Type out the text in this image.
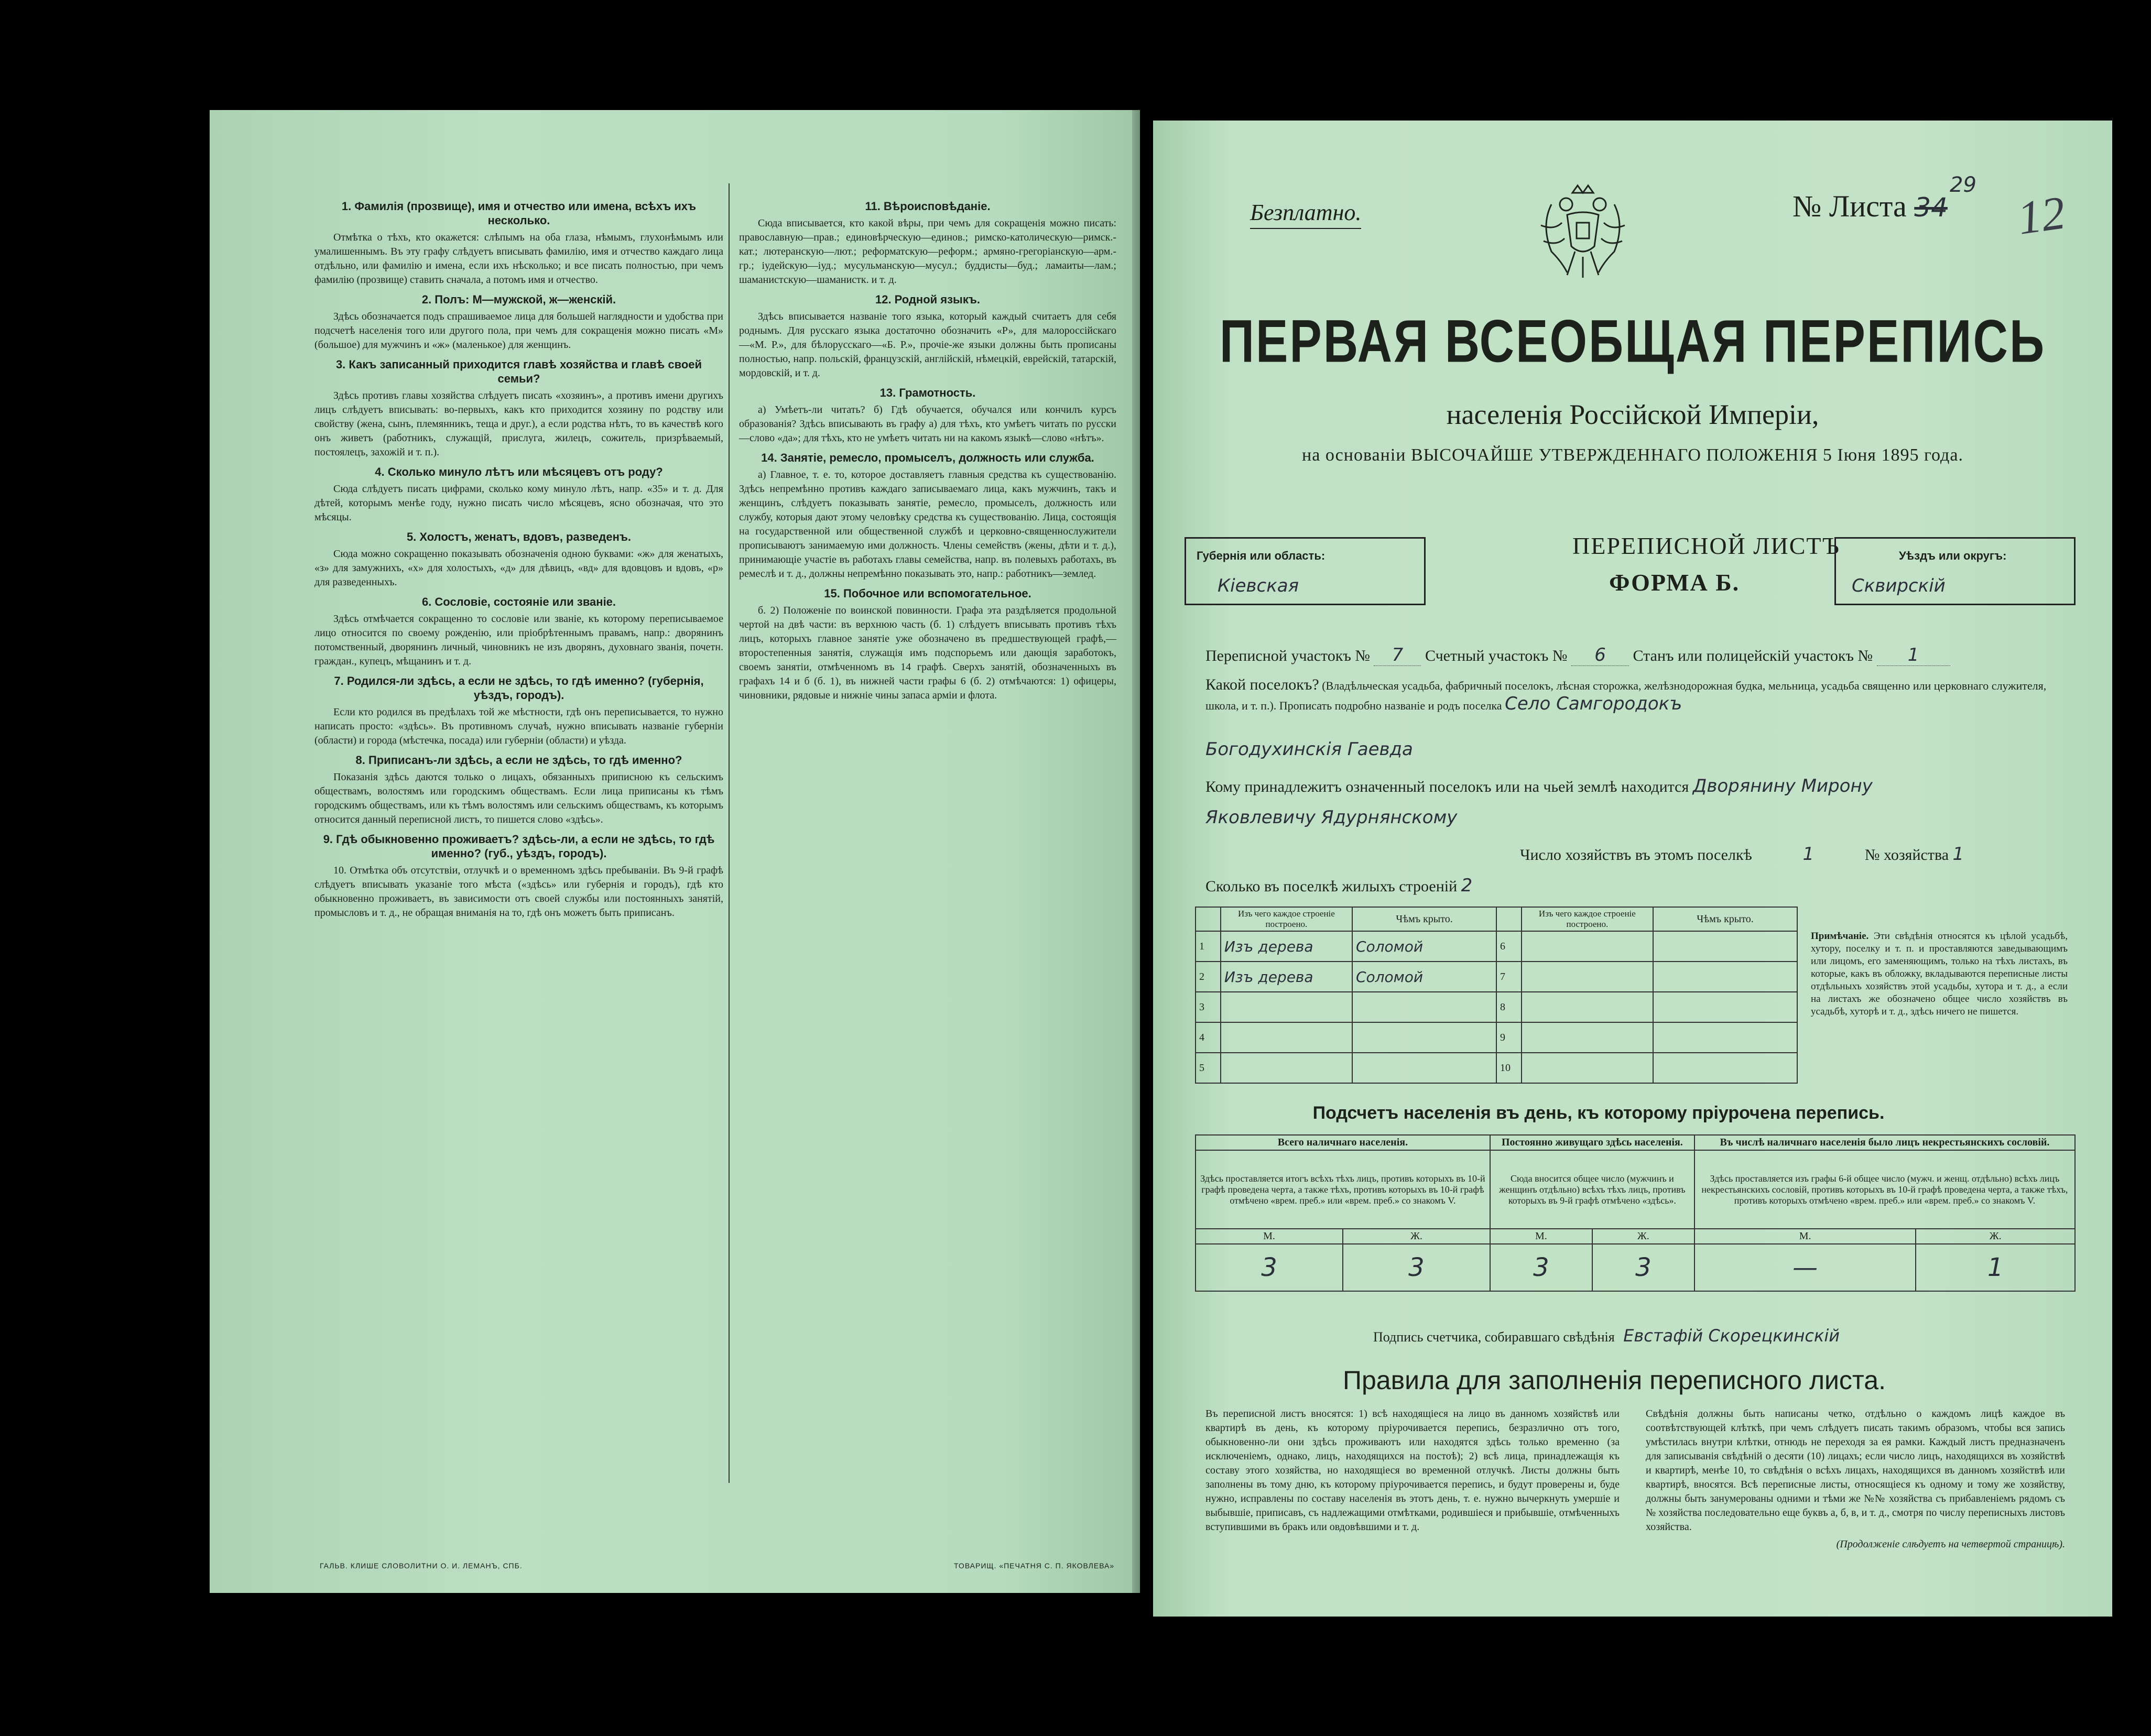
1. Фамилія (прозвище), имя и отчество или имена, всѣхъ ихъ несколько.
Отмѣтка о тѣхъ, кто окажется: слѣпымъ на оба глаза, нѣмымъ, глухонѣмымъ или умалишеннымъ. Въ эту графу слѣдуетъ вписывать фамилію, имя и отчество каждаго лица отдѣльно, или фамилію и имена, если ихъ нѣсколько; и все писать полностью, при чемъ фамилію (прозвище) ставить сначала, а потомъ имя и отчество.
2. Полъ: М—мужской, ж—женскій.
Здѣсь обозначается подъ спрашиваемое лица для большей наглядности и удобства при подсчетѣ населенія того или другого пола, при чемъ для сокращенія можно писать «М» (большое) для мужчинъ и «ж» (маленькое) для женщинъ.
3. Какъ записанный приходится главѣ хозяйства и главѣ своей семьи?
Здѣсь противъ главы хозяйства слѣдуетъ писать «хозяинъ», а противъ имени другихъ лицъ слѣдуетъ вписывать: во-первыхъ, какъ кто приходится хозяину по родству или свойству (жена, сынъ, племянникъ, теща и друг.), а если родства нѣтъ, то въ качествѣ кого онъ живетъ (работникъ, служащій, прислуга, жилецъ, сожитель, призрѣваемый, постоялецъ, захожій и т. п.).
4. Сколько минуло лѣтъ или мѣсяцевъ отъ роду?
Сюда слѣдуетъ писать цифрами, сколько кому минуло лѣтъ, напр. «35» и т. д. Для дѣтей, которымъ менѣе году, нужно писать число мѣсяцевъ, ясно обозначая, что это мѣсяцы.
5. Холостъ, женатъ, вдовъ, разведенъ.
Сюда можно сокращенно показывать обозначенія одною буквами: «ж» для женатыхъ, «з» для замужнихъ, «х» для холостыхъ, «д» для дѣвицъ, «вд» для вдовцовъ и вдовъ, «р» для разведенныхъ.
6. Сословіе, состояніе или званіе.
Здѣсь отмѣчается сокращенно то сословіе или званіе, къ которому переписываемое лицо относится по своему рожденію, или пріобрѣтеннымъ правамъ, напр.: дворянинъ потомственный, дворянинъ личный, чиновникъ не изъ дворянъ, духовнаго званія, почетн. граждан., купецъ, мѣщанинъ и т. д.
7. Родился-ли здѣсь, а если не здѣсь, то гдѣ именно? (губернія, уѣздъ, городъ).
Если кто родился въ предѣлахъ той же мѣстности, гдѣ онъ переписывается, то нужно написать просто: «здѣсь». Въ противномъ случаѣ, нужно вписывать названіе губерніи (области) и города (мѣстечка, посада) или губерніи (области) и уѣзда.
8. Приписанъ-ли здѣсь, а если не здѣсь, то гдѣ именно?
Показанія здѣсь даются только о лицахъ, обязанныхъ приписною къ сельскимъ обществамъ, волостямъ или городскимъ обществамъ. Если лица приписаны къ тѣмъ городскимъ обществамъ, или къ тѣмъ волостямъ или сельскимъ обществамъ, къ которымъ относится данный переписной листъ, то пишется слово «здѣсь».
9. Гдѣ обыкновенно проживаетъ? здѣсь-ли, а если не здѣсь, то гдѣ именно? (губ., уѣздъ, городъ).
10. Отмѣтка объ отсутствіи, отлучкѣ и о временномъ здѣсь пребываніи. Въ 9-й графѣ слѣдуетъ вписывать указаніе того мѣста («здѣсь» или губернія и городъ), гдѣ кто обыкновенно проживаетъ, въ зависимости отъ своей службы или постоянныхъ занятій, промысловъ и т. д., не обращая вниманія на то, гдѣ онъ можетъ быть приписанъ.
11. Вѣроисповѣданіе.
Сюда вписывается, кто какой вѣры, при чемъ для сокращенія можно писать: православную—прав.; единовѣрческую—единов.; римско-католическую—римск.-кат.; лютеранскую—лют.; реформатскую—реформ.; армяно-грегоріанскую—арм.-гр.; іудейскую—iуд.; мусульманскую—мусул.; буддисты—буд.; ламаиты—лам.; шаманистскую—шаманистк. и т. д.
12. Родной языкъ.
Здѣсь вписывается названіе того языка, который каждый считаетъ для себя роднымъ. Для русскаго языка достаточно обозначить «Р», для малороссійскаго—«М. Р.», для бѣлорусскаго—«Б. Р.», прочіе-же языки должны быть прописаны полностью, напр. польскій, французскій, англійскій, нѣмецкій, еврейскій, татарскій, мордовскій, и т. д.
13. Грамотность.
а) Умѣетъ-ли читать? б) Гдѣ обучается, обучался или кончилъ курсъ образованія? Здѣсь вписывають въ графу а) для тѣхъ, кто умѣетъ читать по русски—слово «да»; для тѣхъ, кто не умѣетъ читать ни на какомъ языкѣ—слово «нѣтъ».
14. Занятіе, ремесло, промыселъ, должность или служба.
а) Главное, т. е. то, которое доставляетъ главныя средства къ существованію. Здѣсь непремѣнно противъ каждаго записываемаго лица, какъ мужчинъ, такъ и женщинъ, слѣдуетъ показывать занятіе, ремесло, промыселъ, должность или службу, которыя дают этому человѣку средства къ существованію. Лица, состоящія на государственной или общественной службѣ и церковно-священнослужители прописываютъ занимаемую ими должность. Члены семействъ (жены, дѣти и т. д.), принимающіе участіе въ работахъ главы семейства, напр. въ полевыхъ работахъ, въ ремеслѣ и т. д., должны непремѣнно показывать это, напр.: работникъ—землед.
15. Побочное или вспомогательное.
б. 2) Положеніе по воинской повинности. Графа эта раздѣляется продольной чертой на двѣ части: въ верхнюю часть (б. 1) слѣдуетъ вписывать противъ тѣхъ лицъ, которыхъ главное занятіе уже обозначено въ предшествующей графѣ,—второстепенныя занятія, служащія имъ подспорьемъ или дающія заработокъ, своемъ занятіи, отмѣченномъ въ 14 графѣ. Сверхъ занятій, обозначенныхъ въ графахъ 14 и б (б. 1), въ нижней части графы 6 (б. 2) отмѣчаются: 1) офицеры, чиновники, рядовые и нижніе чины запаса арміи и флота.
ГАЛЬВ. КЛИШЕ СЛОВОЛИТНИ О. И. ЛЕМАНЪ, СПБ.	ТОВАРИЩ. «ПЕЧАТНЯ С. П. ЯКОВЛЕВА»
Безплатно.	№ Листа 34
29
12
ПЕРВАЯ ВСЕОБЩАЯ ПЕРЕПИСЬ
населенія Россійской Имперіи,
на основаніи ВЫСОЧАЙШЕ УТВЕРЖДЕННАГО ПОЛОЖЕНІЯ 5 Іюня 1895 года.
Губернія или область:
Кіевская
ПЕРЕПИСНОЙ ЛИСТЪ
ФОРМА Б.
Уѣздъ или округъ:
Сквирскій
Переписной участокъ № 7 Счетный участокъ № 6 Станъ или полицейскій участокъ № 1
Какой поселокъ? (Владѣльческая усадьба, фабричный поселокъ, лѣсная сторожка, желѣзнодорожная будка, мельница, усадьба священно или церковнаго служителя, школа, и т. п.). Прописать подробно названіе и родъ поселка Село Самгородокъ
Богодухинскія Гаевда
Кому принадлежитъ означенный поселокъ или на чьей землѣ находится Дворянину Мирону
Яковлевичу Ядурнянскому
Число хозяйствъ въ этомъ поселкѣ	1	№ хозяйства 1
Сколько въ поселкѣ жилыхъ строеній 2
	Изъ чего каждое строеніе построено.	Чѣмъ крыто.		Изъ чего каждое строеніе построено.	Чѣмъ крыто.
1	Изъ дерева	Соломой	6		
2	Изъ дерева	Соломой	7		
3			8		
4			9		
5			10		
Примѣчаніе. Эти свѣдѣнія относятся къ цѣлой усадьбѣ, хутору, поселку и т. п. и проставляются заведывающимъ или лицомъ, его заменяющимъ, только на тѣхъ листахъ, въ которые, какъ въ обложку, вкладываются переписные листы отдѣльныхъ хозяйствъ этой усадьбы, хутора и т. д., а если на листахъ же обозначено общее число хозяйствъ въ усадьбѣ, хуторѣ и т. д., здѣсь ничего не пишется.
Подсчетъ населенія въ день, къ которому пріурочена перепись.
Всего наличнаго населенія.		Постоянно живущаго здѣсь населенія.		Въ числѣ наличнаго населенія было лицъ некрестьянскихъ сословій.	
Здѣсь проставляется итогъ всѣхъ тѣхъ лицъ, противъ которыхъ въ 10-й графѣ проведена черта, а также тѣхъ, противъ которыхъ въ 10-й графѣ отмѣчено «врем. преб.» или «врем. преб.» со знакомъ V.		Сюда вносится общее число (мужчинъ и женщинъ отдѣльно) всѣхъ тѣхъ лицъ, противъ которыхъ въ 9-й графѣ отмѣчено «здѣсь».		Здѣсь проставляется изъ графы 6-й общее число (мужч. и женщ. отдѣльно) всѣхъ лицъ некрестьянскихъ сословій, противъ которыхъ въ 10-й графѣ проведена черта, а также тѣхъ, противъ которыхъ отмѣчено «врем. преб.» или «врем. преб.» со знакомъ V.	
М.	Ж.	М.	Ж.	М.	Ж.
3	3	3	3	—	1
Подпись счетчика, собиравшаго свѣдѣнія Евстафій Скорецкинскій
Правила для заполненія переписного листа.
Въ переписной листъ вносятся: 1) всѣ находящіеся на лицо въ данномъ хозяйствѣ или квартирѣ въ день, къ которому пріурочивается перепись, безразлично отъ того, обыкновенно-ли они здѣсь проживаютъ или находятся здѣсь только временно (за исключеніемъ, однако, лицъ, находящихся на постоѣ); 2) всѣ лица, принадлежащія къ составу этого хозяйства, но находящіеся во временной отлучкѣ. Листы должны быть заполнены въ тому дню, къ которому пріурочивается перепись, и будут проверены и, буде нужно, исправлены по составу населенія въ этотъ день, т. е. нужно вычеркнуть умершіе и выбывшіе, приписавъ, съ надлежащими отмѣтками, родившіеся и прибывшіе, отмѣченныхъ вступившими въ бракъ или овдовѣвшими и т. д.
Свѣдѣнія должны быть написаны четко, отдѣльно о каждомъ лицѣ каждое въ соотвѣтствующей клѣткѣ, при чемъ слѣдуетъ писать такимъ образомъ, чтобы вся запись умѣстилась внутри клѣтки, отнюдь не переходя за ея рамки. Каждый листъ предназначенъ для записыванія свѣдѣній о десяти (10) лицахъ; если число лицъ, находящихся въ хозяйствѣ и квартирѣ, менѣе 10, то свѣдѣнія о всѣхъ лицахъ, находящихся въ данномъ хозяйствѣ или квартирѣ, вносятся. Всѣ переписные листы, относящіеся къ одному и тому же хозяйству, должны быть занумерованы одними и тѣми же №№ хозяйства съ прибавленіемъ рядомъ съ № хозяйства последовательно еще буквъ а, б, в, и т. д., смотря по числу переписныхъ листовъ хозяйства.
(Продолженіе слѣдуетъ на четвертой страницѣ).
